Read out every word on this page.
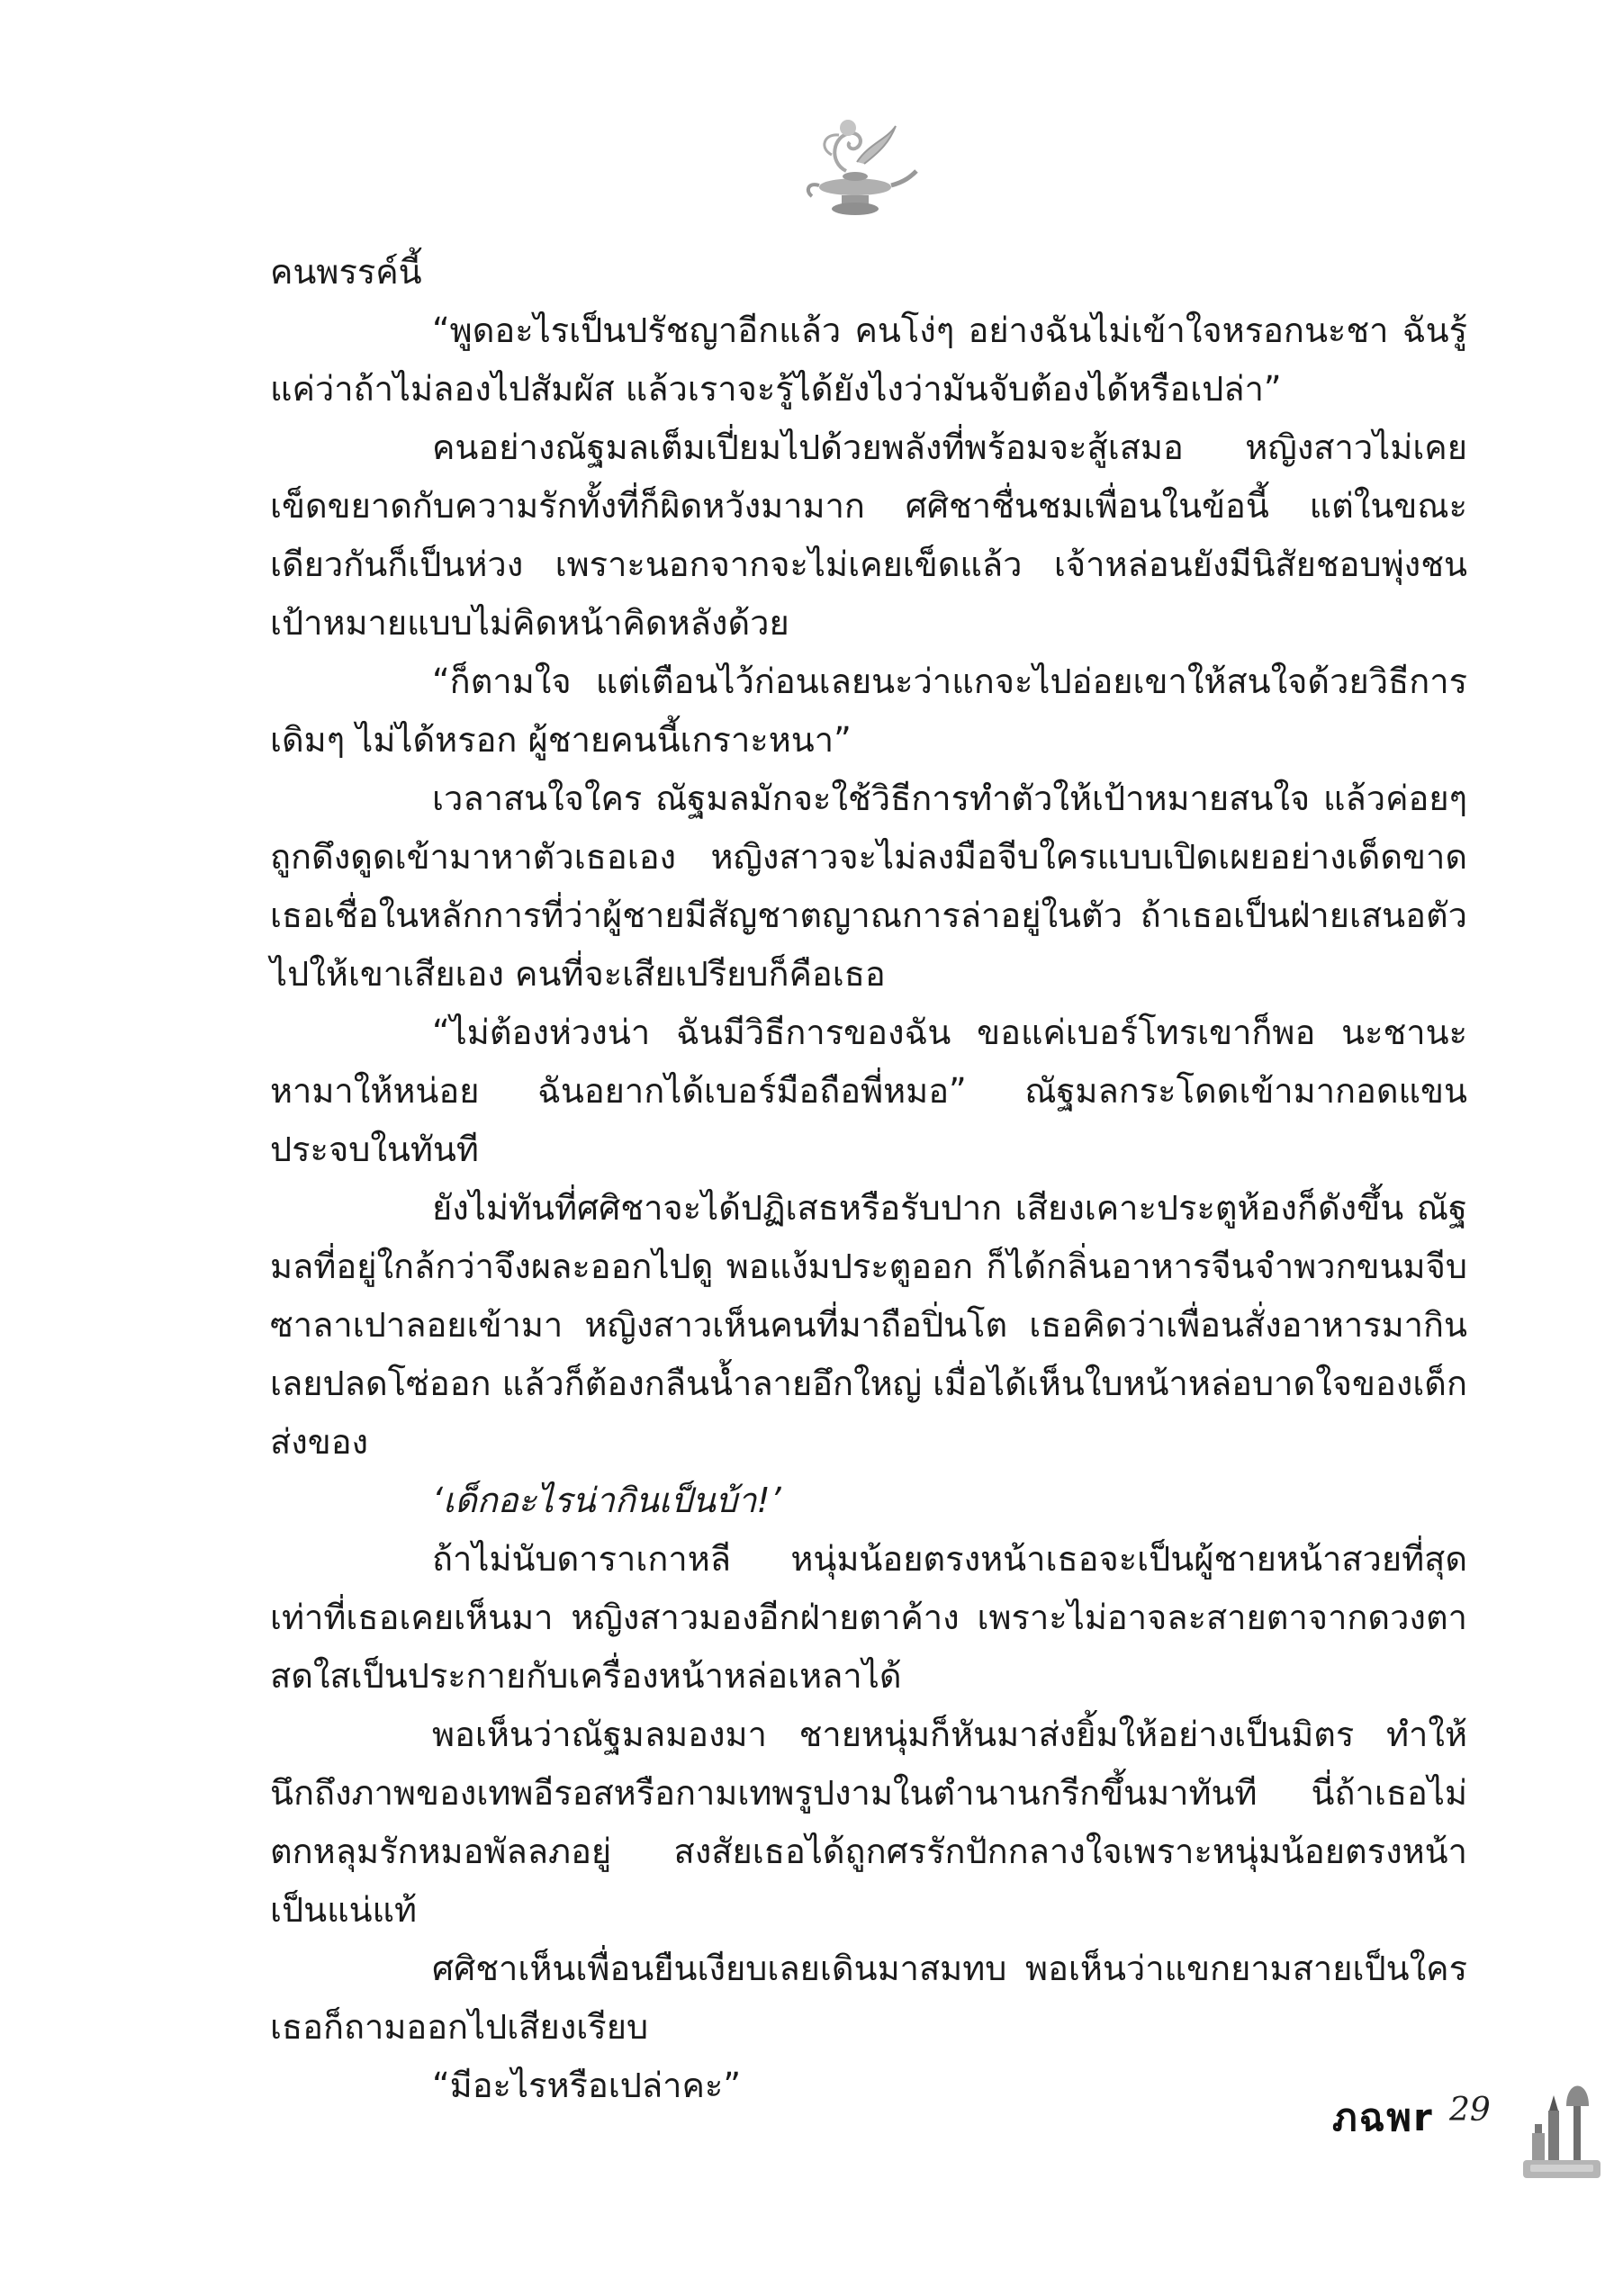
คนพรรค์นี้

“พูดอะไรเป็นปรัชญาอีกแล้ว คนโง่ๆ อย่างฉันไม่เข้าใจหรอกนะชา ฉันรู้แค่ว่าถ้าไม่ลองไปสัมผัส แล้วเราจะรู้ได้ยังไงว่ามันจับต้องได้หรือเปล่า”

คนอย่างณัฐมลเต็มเปี่ยมไปด้วยพลังที่พร้อมจะสู้เสมอ หญิงสาวไม่เคยเข็ดขยาดกับความรักทั้งที่ก็ผิดหวังมามาก ศศิชาชื่นชมเพื่อนในข้อนี้ แต่ในขณะเดียวกันก็เป็นห่วง เพราะนอกจากจะไม่เคยเข็ดแล้ว เจ้าหล่อนยังมีนิสัยชอบพุ่งชนเป้าหมายแบบไม่คิดหน้าคิดหลังด้วย

“ก็ตามใจ แต่เตือนไว้ก่อนเลยนะว่าแกจะไปอ่อยเขาให้สนใจด้วยวิธีการเดิมๆ ไม่ได้หรอก ผู้ชายคนนี้เกราะหนา”

เวลาสนใจใคร ณัฐมลมักจะใช้วิธีการทำตัวให้เป้าหมายสนใจ แล้วค่อยๆ ถูกดึงดูดเข้ามาหาตัวเธอเอง หญิงสาวจะไม่ลงมือจีบใครแบบเปิดเผยอย่างเด็ดขาด เธอเชื่อในหลักการที่ว่าผู้ชายมีสัญชาตญาณการล่าอยู่ในตัว ถ้าเธอเป็นฝ่ายเสนอตัวไปให้เขาเสียเอง คนที่จะเสียเปรียบก็คือเธอ

“ไม่ต้องห่วงน่า ฉันมีวิธีการของฉัน ขอแค่เบอร์โทรเขาก็พอ นะชานะ หามาให้หน่อย ฉันอยากได้เบอร์มือถือพี่หมอ” ณัฐมลกระโดดเข้ามากอดแขนประจบในทันที

ยังไม่ทันที่ศศิชาจะได้ปฏิเสธหรือรับปาก เสียงเคาะประตูห้องก็ดังขึ้น ณัฐมลที่อยู่ใกล้กว่าจึงผละออกไปดู พอแง้มประตูออก ก็ได้กลิ่นอาหารจีนจำพวกขนมจีบซาลาเปาลอยเข้ามา หญิงสาวเห็นคนที่มาถือปิ่นโต เธอคิดว่าเพื่อนสั่งอาหารมากินเลยปลดโซ่ออก แล้วก็ต้องกลืนน้ำลายอึกใหญ่ เมื่อได้เห็นใบหน้าหล่อบาดใจของเด็กส่งของ

‘เด็กอะไรน่ากินเป็นบ้า!’

ถ้าไม่นับดาราเกาหลี หนุ่มน้อยตรงหน้าเธอจะเป็นผู้ชายหน้าสวยที่สุดเท่าที่เธอเคยเห็นมา หญิงสาวมองอีกฝ่ายตาค้าง เพราะไม่อาจละสายตาจากดวงตาสดใสเป็นประกายกับเครื่องหน้าหล่อเหลาได้

พอเห็นว่าณัฐมลมองมา ชายหนุ่มก็หันมาส่งยิ้มให้อย่างเป็นมิตร ทำให้นึกถึงภาพของเทพอีรอสหรือกามเทพรูปงามในตำนานกรีกขึ้นมาทันที นี่ถ้าเธอไม่ตกหลุมรักหมอพัลลภอยู่ สงสัยเธอได้ถูกศรรักปักกลางใจเพราะหนุ่มน้อยตรงหน้าเป็นแน่แท้

ศศิชาเห็นเพื่อนยืนเงียบเลยเดินมาสมทบ พอเห็นว่าแขกยามสายเป็นใคร เธอก็ถามออกไปเสียงเรียบ

“มีอะไรหรือเปล่าคะ”

ภฉพr 29
